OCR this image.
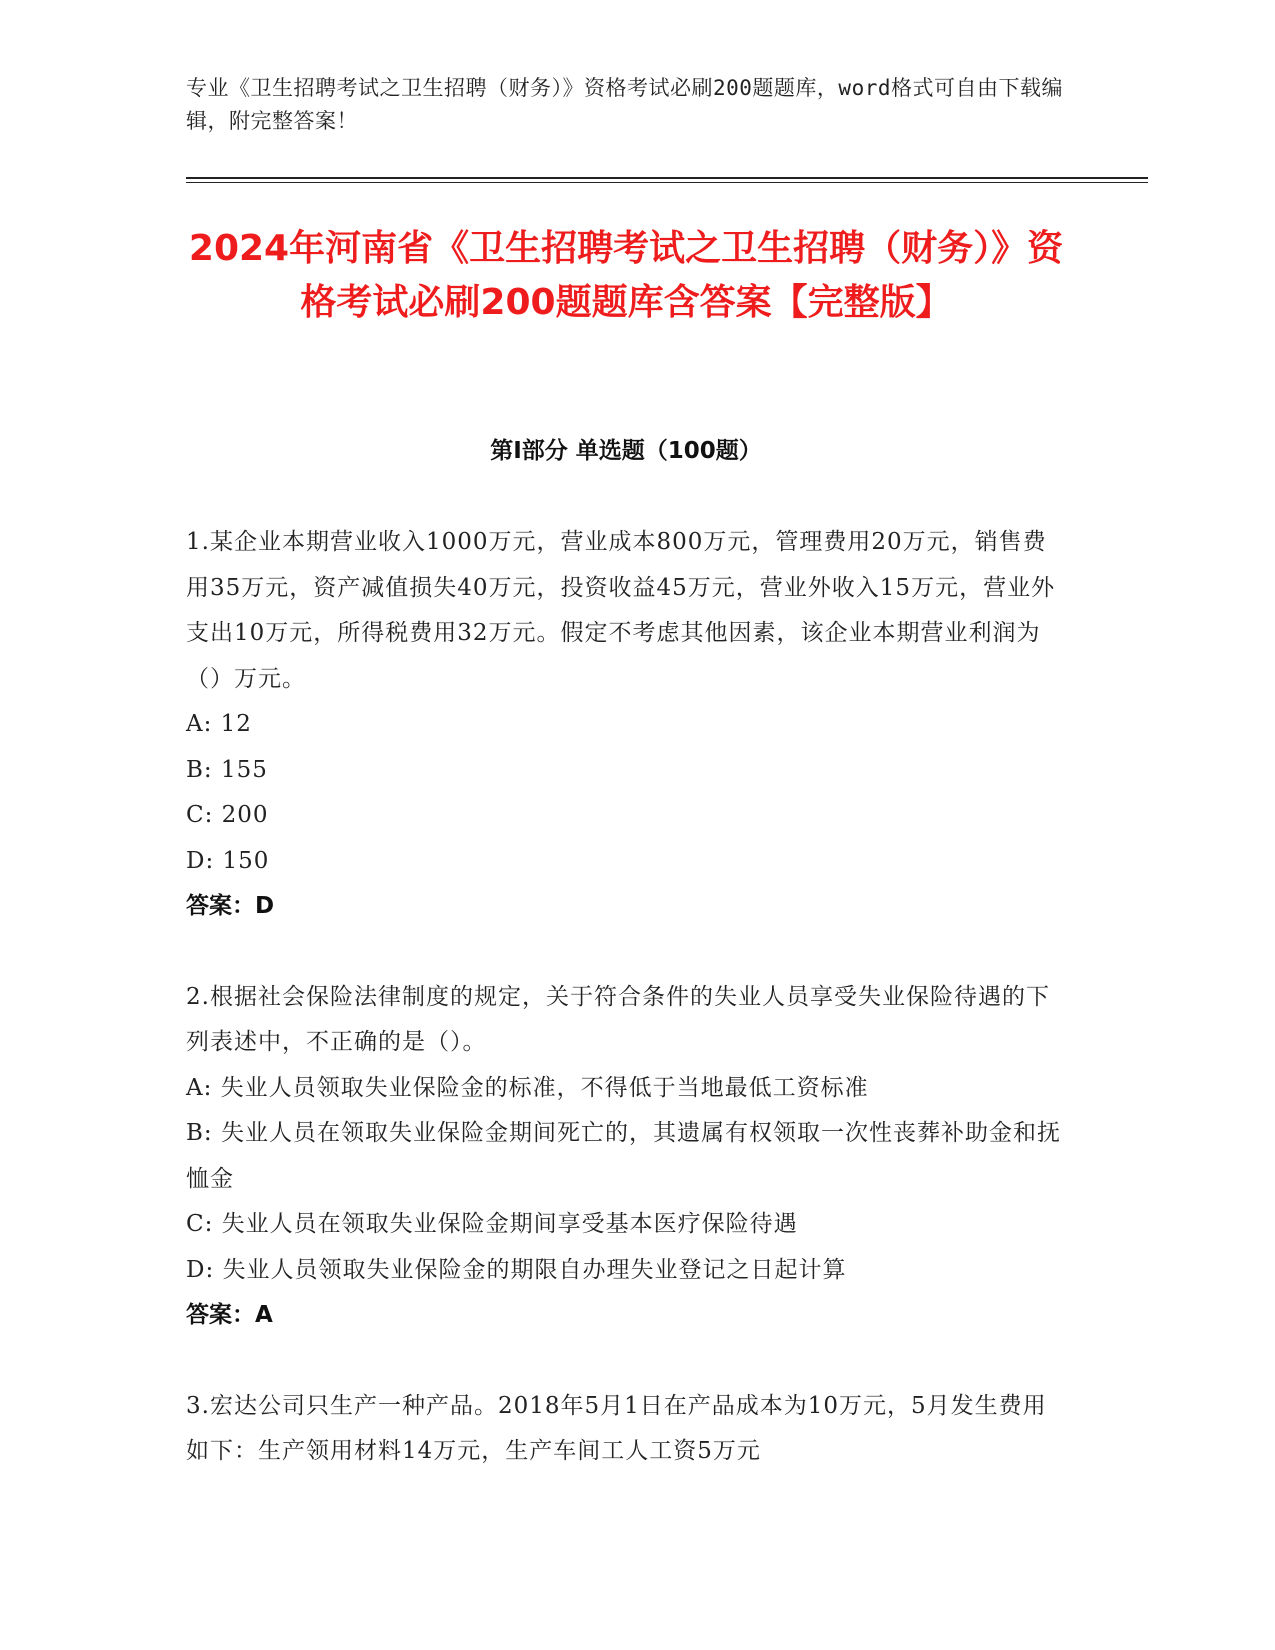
专业《卫生招聘考试之卫生招聘（财务）》资格考试必刷200题题库，word格式可自由下载编辑，附完整答案！
2024年河南省《卫生招聘考试之卫生招聘（财务）》资格考试必刷200题题库含答案【完整版】
第I部分 单选题（100题）

1.某企业本期营业收入1000万元，营业成本800万元，管理费用20万元，销售费用35万元，资产减值损失40万元，投资收益45万元，营业外收入15万元，营业外支出10万元，所得税费用32万元。假定不考虑其他因素，该企业本期营业利润为（）万元。

A: 12

B: 155

C: 200

D: 150

答案：D

2.根据社会保险法律制度的规定，关于符合条件的失业人员享受失业保险待遇的下列表述中，不正确的是（）。

A: 失业人员领取失业保险金的标准，不得低于当地最低工资标准

B: 失业人员在领取失业保险金期间死亡的，其遗属有权领取一次性丧葬补助金和抚恤金

C: 失业人员在领取失业保险金期间享受基本医疗保险待遇

D: 失业人员领取失业保险金的期限自办理失业登记之日起计算

答案：A

3.宏达公司只生产一种产品。2018年5月1日在产品成本为10万元，5月发生费用如下：生产领用材料14万元，生产车间工人工资5万元
